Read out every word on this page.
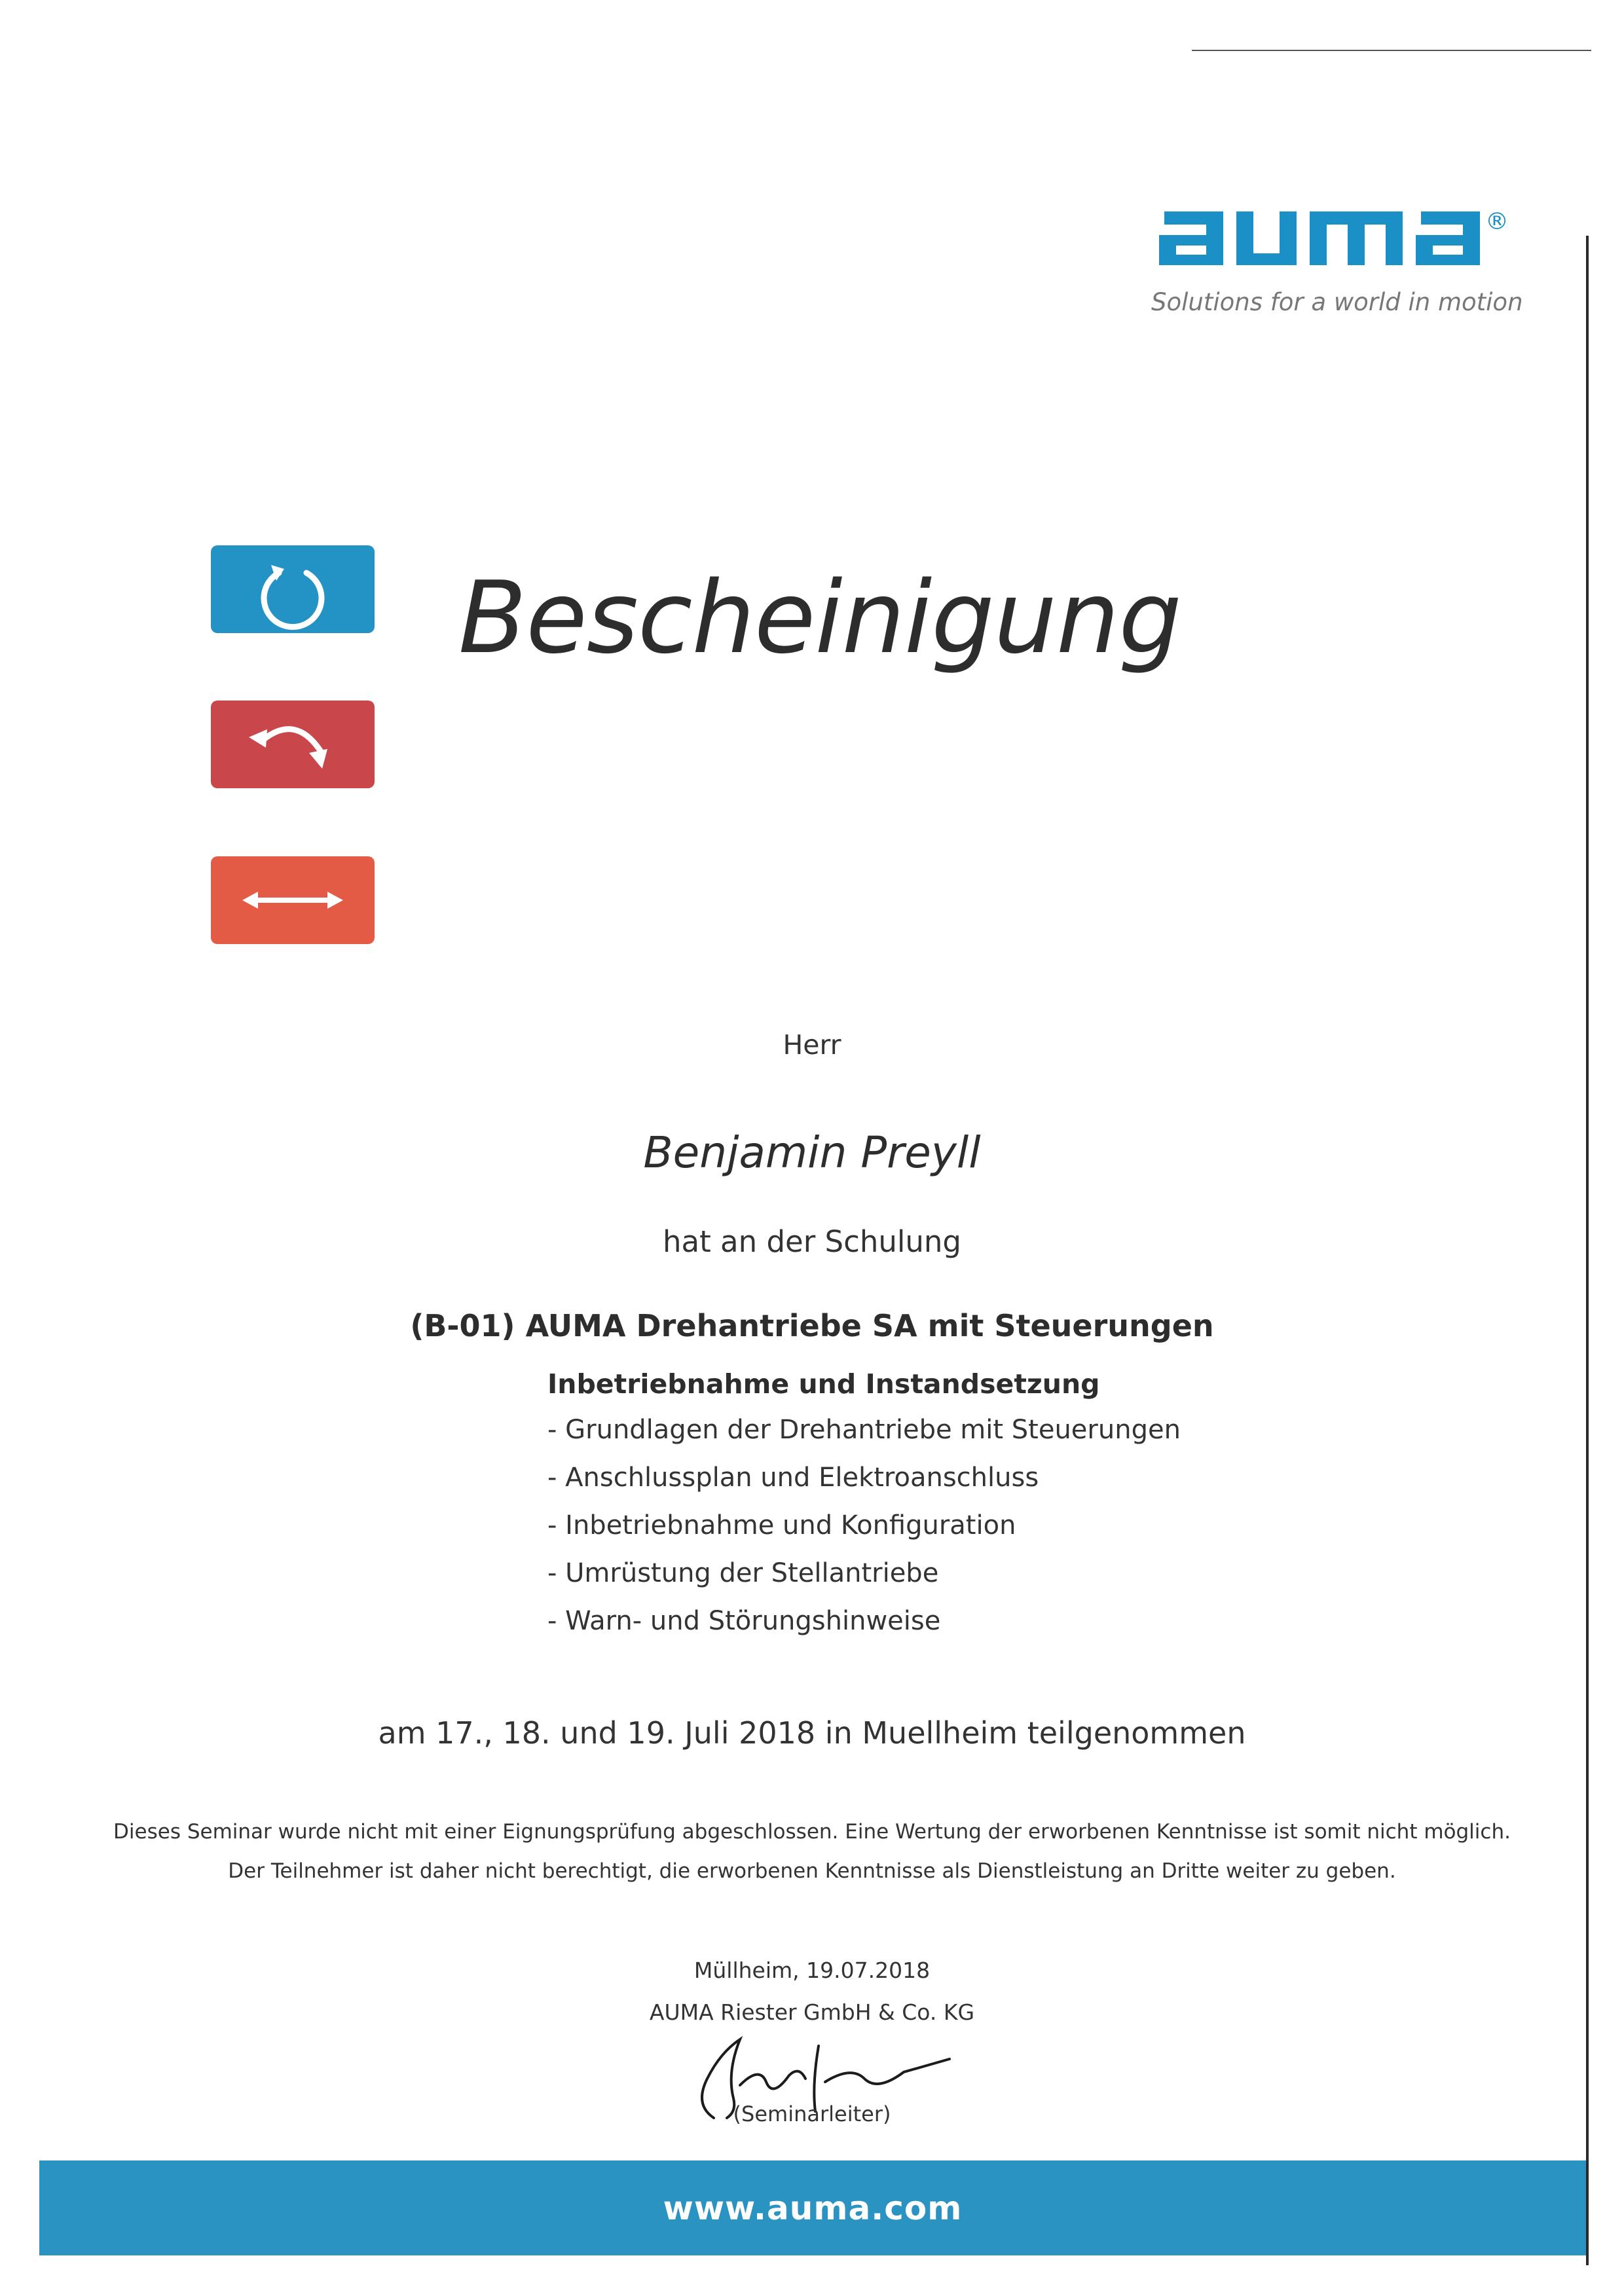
®
Solutions for a world in motion
Bescheinigung
Herr
Benjamin Preyll
hat an der Schulung
(B-01) AUMA Drehantriebe SA mit Steuerungen
Inbetriebnahme und Instandsetzung
- Grundlagen der Drehantriebe mit Steuerungen
- Anschlussplan und Elektroanschluss
- Inbetriebnahme und Konfiguration
- Umrüstung der Stellantriebe
- Warn- und Störungshinweise
am 17., 18. und 19. Juli 2018 in Muellheim teilgenommen
Dieses Seminar wurde nicht mit einer Eignungsprüfung abgeschlossen. Eine Wertung der erworbenen Kenntnisse ist somit nicht möglich.
Der Teilnehmer ist daher nicht berechtigt, die erworbenen Kenntnisse als Dienstleistung an Dritte weiter zu geben.
Müllheim, 19.07.2018
AUMA Riester GmbH & Co. KG
(Seminarleiter)
www.auma.com
